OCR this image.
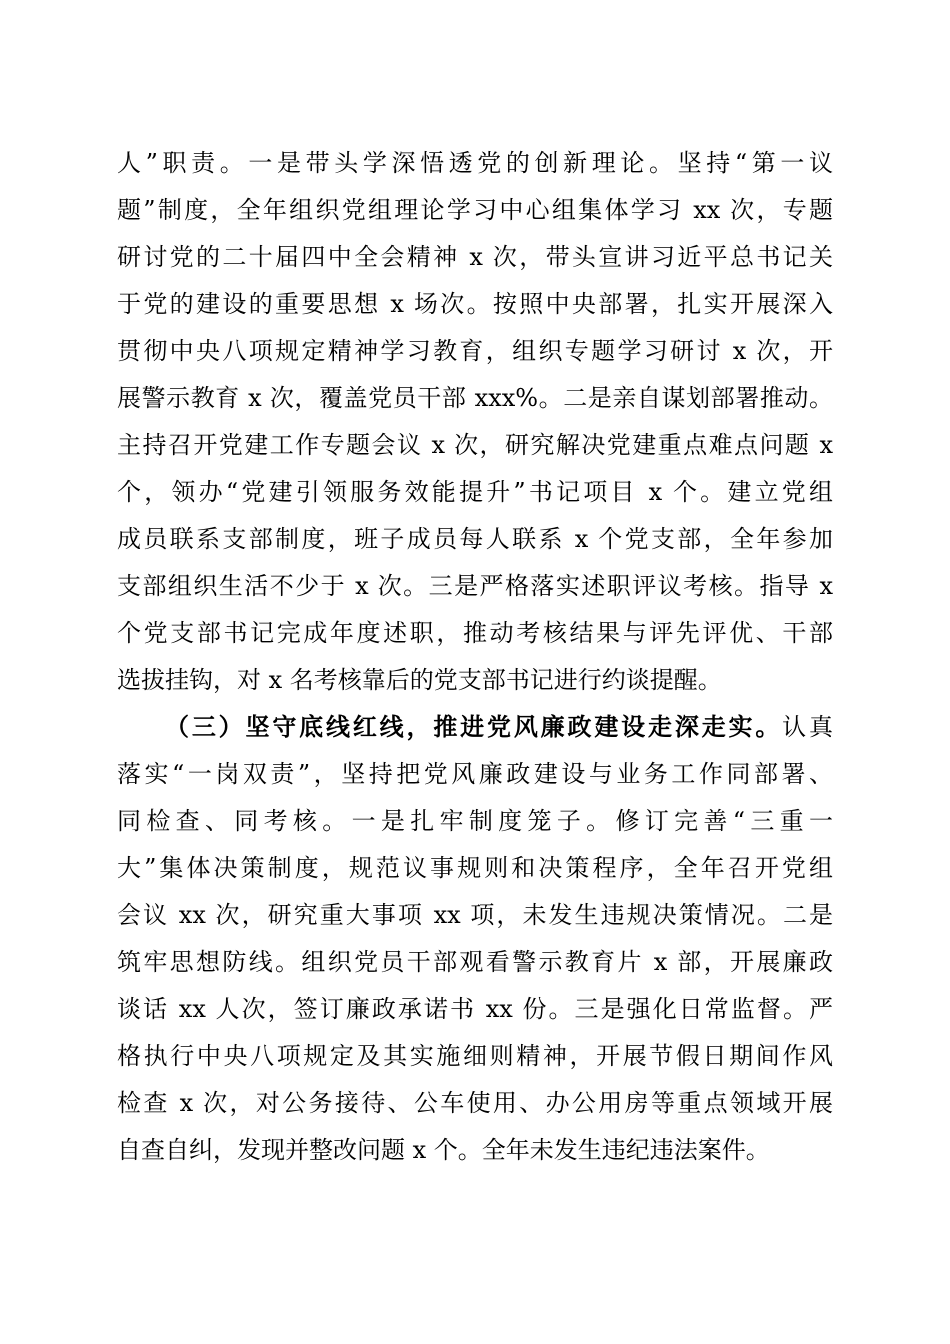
人”职责。一是带头学深悟透党的创新理论。坚持“第一议
题”制度，全年组织党组理论学习中心组集体学习 xx 次，专题
研讨党的二十届四中全会精神 x 次，带头宣讲习近平总书记关
于党的建设的重要思想 x 场次。按照中央部署，扎实开展深入
贯彻中央八项规定精神学习教育，组织专题学习研讨 x 次，开
展警示教育 x 次，覆盖党员干部 xxx%。二是亲自谋划部署推动。
主持召开党建工作专题会议 x 次，研究解决党建重点难点问题 x
个，领办“党建引领服务效能提升”书记项目 x 个。建立党组
成员联系支部制度，班子成员每人联系 x 个党支部，全年参加
支部组织生活不少于 x 次。三是严格落实述职评议考核。指导 x
个党支部书记完成年度述职，推动考核结果与评先评优、干部
选拔挂钩，对 x 名考核靠后的党支部书记进行约谈提醒。
（三）坚守底线红线，推进党风廉政建设走深走实。认真
落实“一岗双责”，坚持把党风廉政建设与业务工作同部署、
同检查、同考核。一是扎牢制度笼子。修订完善“三重一
大”集体决策制度，规范议事规则和决策程序，全年召开党组
会议 xx 次，研究重大事项 xx 项，未发生违规决策情况。二是
筑牢思想防线。组织党员干部观看警示教育片 x 部，开展廉政
谈话 xx 人次，签订廉政承诺书 xx 份。三是强化日常监督。严
格执行中央八项规定及其实施细则精神，开展节假日期间作风
检查 x 次，对公务接待、公车使用、办公用房等重点领域开展
自查自纠，发现并整改问题 x 个。全年未发生违纪违法案件。
